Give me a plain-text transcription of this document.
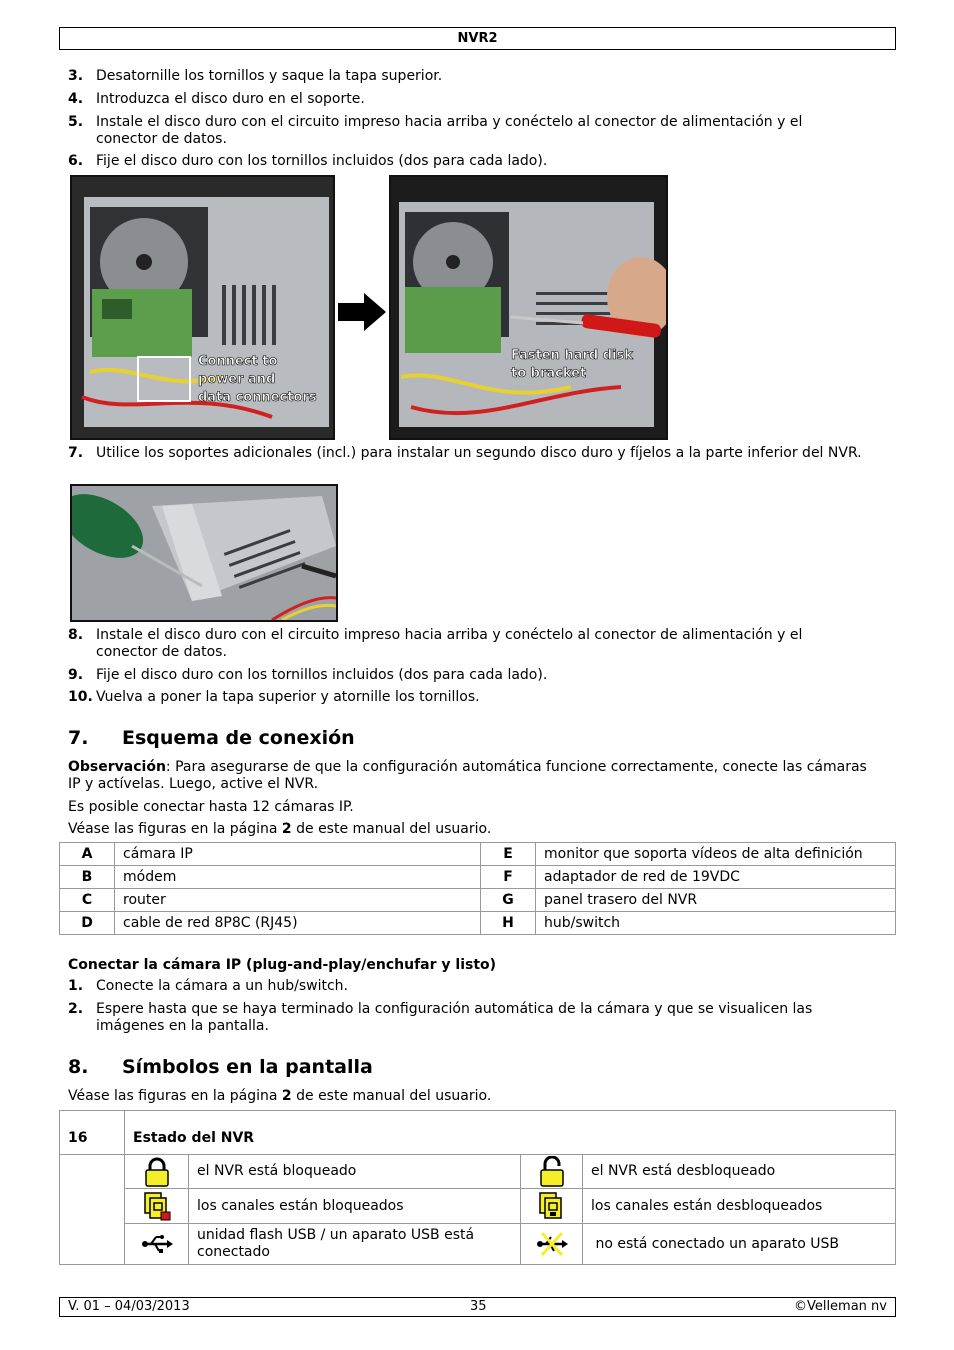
NVR2
3. Desatornille los tornillos y saque la tapa superior.
4. Introduzca el disco duro en el soporte.
5. Instale el disco duro con el circuito impreso hacia arriba y conéctelo al conector de alimentación y el conector de datos.
6. Fije el disco duro con los tornillos incluidos (dos para cada lado).
Connect to
power and
data connectors
Fasten hard disk
to bracket
7. Utilice los soportes adicionales (incl.) para instalar un segundo disco duro y fíjelos a la parte inferior del NVR.
8. Instale el disco duro con el circuito impreso hacia arriba y conéctelo al conector de alimentación y el conector de datos.
9. Fije el disco duro con los tornillos incluidos (dos para cada lado).
10. Vuelva a poner la tapa superior y atornille los tornillos.
7. Esquema de conexión
Observación: Para asegurarse de que la configuración automática funcione correctamente, conecte las cámaras IP y actívelas. Luego, active el NVR.
Es posible conectar hasta 12 cámaras IP.
Véase las figuras en la página 2 de este manual del usuario.
A	cámara IP	E	monitor que soporta vídeos de alta definición
B	módem	F	adaptador de red de 19VDC
C	router	G	panel trasero del NVR
D	cable de red 8P8C (RJ45)	H	hub/switch
Conectar la cámara IP (plug-and-play/enchufar y listo)
1. Conecte la cámara a un hub/switch.
2. Espere hasta que se haya terminado la configuración automática de la cámara y que se visualicen las imágenes en la pantalla.
8. Símbolos en la pantalla
Véase las figuras en la página 2 de este manual del usuario.
16	Estado del NVR			

	el NVR está bloqueado		el NVR está desbloqueado

	los canales están bloqueados		los canales están desbloqueados

	unidad flash USB / un aparato USB está conectado		no está conectado un aparato USB
V. 01 – 04/03/2013	35	©Velleman nv
